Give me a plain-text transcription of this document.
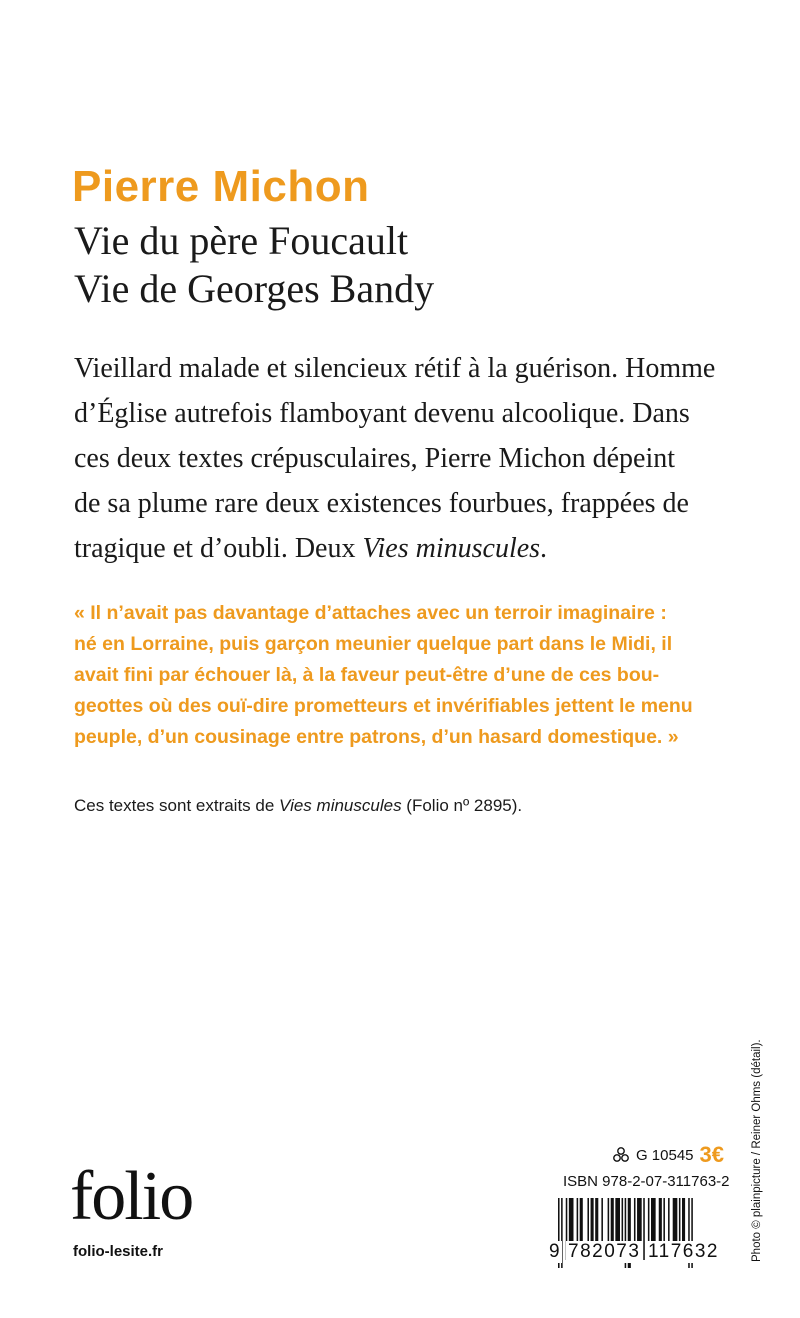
Pierre Michon
Vie du père Foucault
Vie de Georges Bandy
Vieillard malade et silencieux rétif à la guérison. Homme
d’Église autrefois flamboyant devenu alcoolique. Dans
ces deux textes crépusculaires, Pierre Michon dépeint
de sa plume rare deux existences fourbues, frappées de
tragique et d’oubli. Deux Vies minuscules.
« Il n’avait pas davantage d’attaches avec un terroir imaginaire :
né en Lorraine, puis garçon meunier quelque part dans le Midi, il
avait fini par échouer là, à la faveur peut-être d’une de ces bou-
geottes où des ouï-dire prometteurs et invérifiables jettent le menu
peuple, d’un cousinage entre patrons, d’un hasard domestique. »

Ces textes sont extraits de Vies minuscules (Folio nº 2895).

folio
folio-lesite.fr
G 10545 3€
ISBN 978-2-07-311763-2
9 782073 117632	Photo © plainpicture / Reiner Ohms (détail).
